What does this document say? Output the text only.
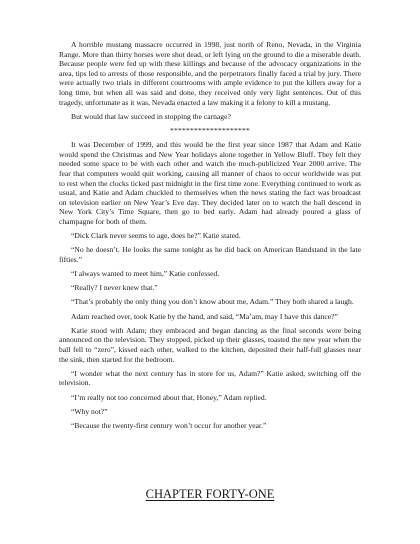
A horrible mustang massacre occurred in 1998, just north of Reno, Nevada, in the Virginia Range. More than thirty horses were shot dead, or left lying on the ground to die a miserable death. Because people were fed up with these killings and because of the advocacy organizations in the area, tips led to arrests of those responsible, and the perpetrators finally faced a trial by jury. There were actually two trials in different courtrooms with ample evidence to put the killers away for a long time, but when all was said and done, they received only very light sentences. Out of this tragedy, unfortunate as it was, Nevada enacted a law making it a felony to kill a mustang.

But would that law succeed in stopping the carnage?

********************

It was December of 1999, and this would be the first year since 1987 that Adam and Katie would spend the Christmas and New Year holidays alone together in Yellow Bluff. They felt they needed some space to be with each other and watch the much-publicized Year 2000 arrive. The fear that computers would quit working, causing all manner of chaos to occur worldwide was put to rest when the clocks ticked past midnight in the first time zone. Everything continued to work as usual, and Katie and Adam chuckled to themselves when the news stating the fact was broadcast on television earlier on New Year’s Eve day. They decided later on to watch the ball descend in New York City’s Time Square, then go to bed early. Adam had already poured a glass of champagne for both of them.

“Dick Clark never seems to age, does he?” Katie stated.

“No he doesn’t. He looks the same tonight as he did back on American Bandstand in the late fifties.”

“I always wanted to meet him,” Katie confessed.

“Really? I never knew that.”

“That’s probably the only thing you don’t know about me, Adam.” They both shared a laugh.

Adam reached over, took Katie by the hand, and said, “Ma’am, may I have this dance?”

Katie stood with Adam; they embraced and began dancing as the final seconds were being announced on the television. They stopped, picked up their glasses, toasted the new year when the ball fell to “zero”, kissed each other, walked to the kitchen, deposited their half-full glasses near the sink, then started for the bedroom.

“I wonder what the next century has in store for us, Adam?” Katie asked, switching off the television.

“I’m really not too concerned about that, Honey,” Adam replied.

“Why not?”

“Because the twenty-first century won’t occur for another year.”

CHAPTER FORTY-ONE
